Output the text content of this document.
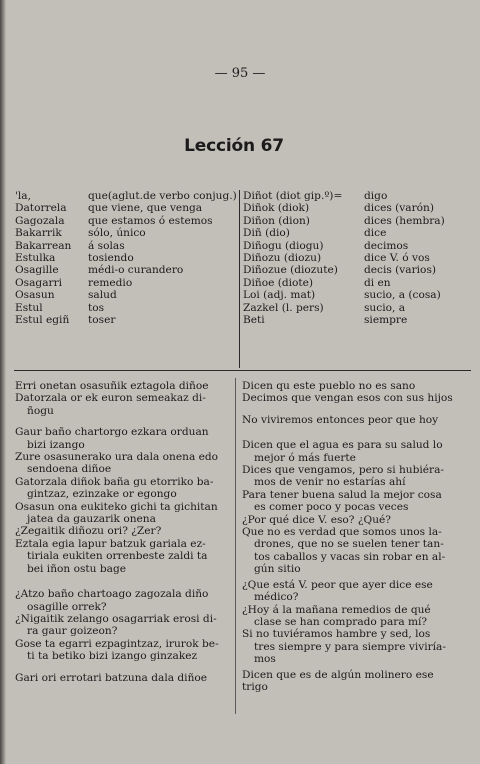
— 95 —
Lección 67
'la,	que(aglut.de verbo conjug.)
Datorrela	que viene, que venga
Gagozala	que estamos ó estemos
Bakarrik	sólo, único
Bakarrean	á solas
Estulka	tosiendo
Osagille	médi-o curandero
Osagarri	remedio
Osasun	salud
Estul	tos
Estul egiñ	toser
Diñot (diot gip.º)=	digo
Diñok (diok)	dices (varón)
Diñon (dion)	dices (hembra)
Diñ (dio)	dice
Diñogu (diogu)	decimos
Diñozu (diozu)	dice V. ó vos
Diñozue (diozute)	decis (varios)
Diñoe (diote)	di en
Loi (adj. mat)	sucio, a (cosa)
Zazkel (l. pers)	sucio, a
Beti	siempre
Erri onetan osasuñik eztagola diñoe
Datorzala or ek euron semeakaz di-
ñogu
Gaur baño chartorgo ezkara orduan
bizi izango
Zure osasunerako ura dala onena edo
sendoena diñoe
Gatorzala diñok baña gu etorriko ba-
gintzaz, ezinzake or egongo
Osasun ona eukiteko gichi ta gichitan
jatea da gauzarik onena
¿Zegaitik diñozu ori? ¿Zer?
Eztala egia lapur batzuk gariala ez-
tiriala eukiten orrenbeste zaldi ta
bei iñon ostu bage
¿Atzo baño chartoago zagozala diño
osagille orrek?
¿Nigaitik zelango osagarriak erosi di-
ra gaur goizeon?
Gose ta egarri ezpagintzaz, irurok be-
ti ta betiko bizi izango ginzakez
Gari ori errotari batzuna dala diñoe
Dicen qu este pueblo no es sano
Decimos que vengan esos con sus hijos
No viviremos entonces peor que hoy
Dicen que el agua es para su salud lo
mejor ó más fuerte
Dices que vengamos, pero si hubiéra-
mos de venir no estarías ahí
Para tener buena salud la mejor cosa
es comer poco y pocas veces
¿Por qué dice V. eso? ¿Qué?
Que no es verdad que somos unos la-
drones, que no se suelen tener tan-
tos caballos y vacas sin robar en al-
gún sitio
¿Que está V. peor que ayer dice ese
médico?
¿Hoy á la mañana remedios de qué
clase se han comprado para mí?
Si no tuviéramos hambre y sed, los
tres siempre y para siempre viviría-
mos
Dicen que es de algún molinero ese
trigo
